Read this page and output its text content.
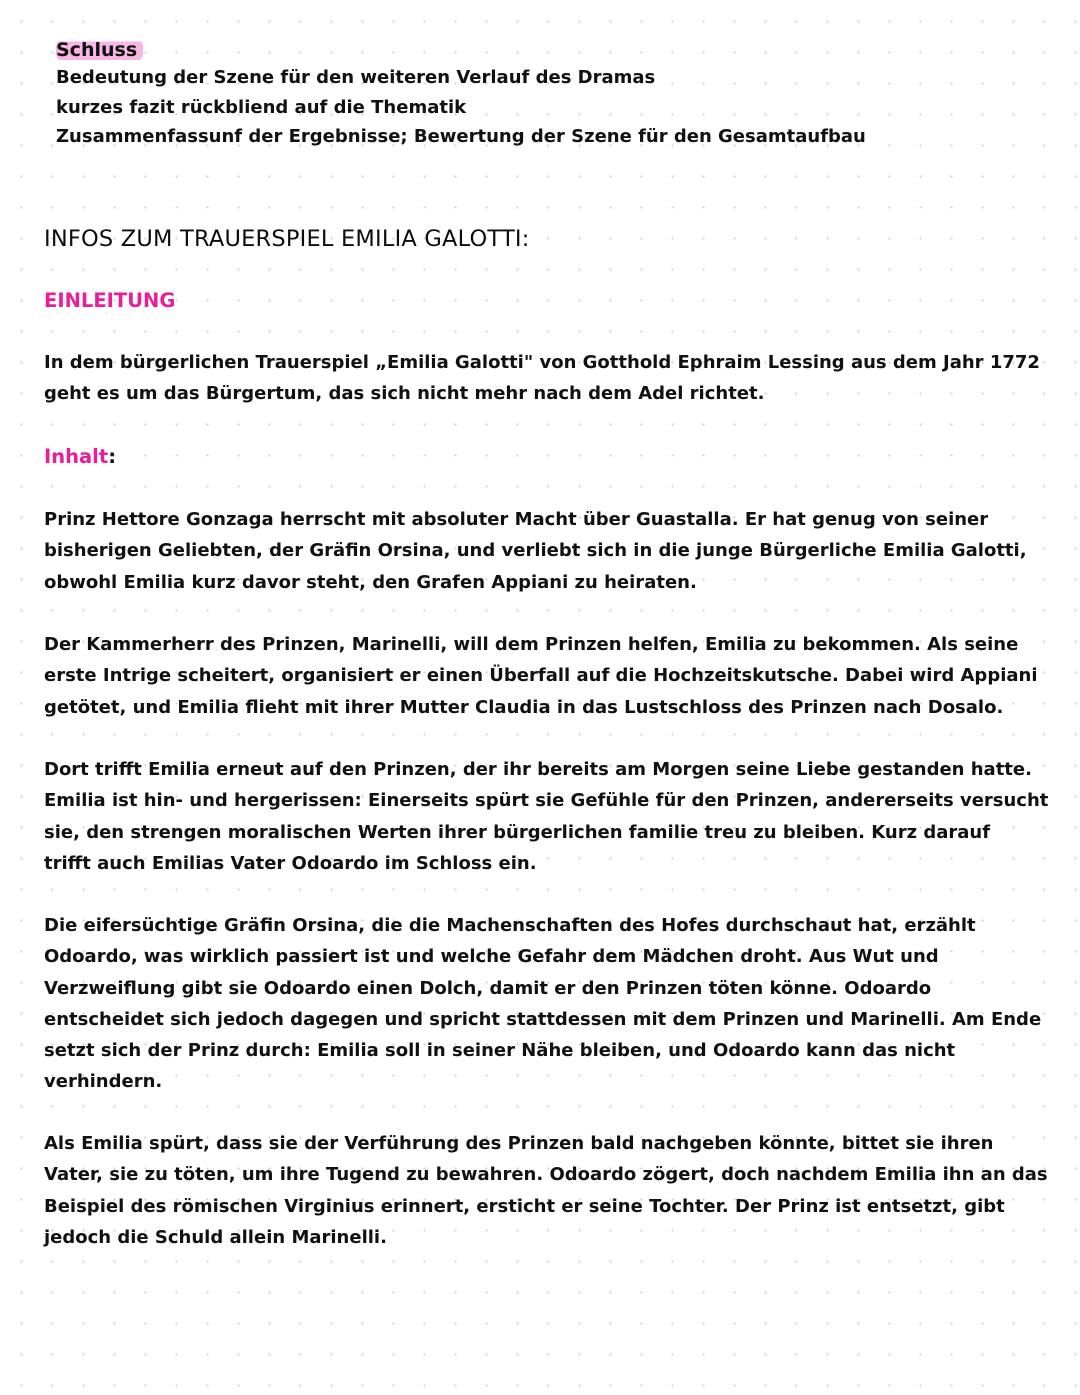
Schluss
Bedeutung der Szene für den weiteren Verlauf des Dramas
kurzes fazit rückbliend auf die Thematik
Zusammenfassunf der Ergebnisse; Bewertung der Szene für den Gesamtaufbau
INFOS ZUM TRAUERSPIEL EMILIA GALOTTI:
EINLEITUNG
In dem bürgerlichen Trauerspiel „Emilia Galotti" von Gotthold Ephraim Lessing aus dem Jahr 1772
geht es um das Bürgertum, das sich nicht mehr nach dem Adel richtet.
Inhalt:
Prinz Hettore Gonzaga herrscht mit absoluter Macht über Guastalla. Er hat genug von seiner
bisherigen Geliebten, der Gräfin Orsina, und verliebt sich in die junge Bürgerliche Emilia Galotti,
obwohl Emilia kurz davor steht, den Grafen Appiani zu heiraten.
Der Kammerherr des Prinzen, Marinelli, will dem Prinzen helfen, Emilia zu bekommen. Als seine
erste Intrige scheitert, organisiert er einen Überfall auf die Hochzeitskutsche. Dabei wird Appiani
getötet, und Emilia flieht mit ihrer Mutter Claudia in das Lustschloss des Prinzen nach Dosalo.
Dort trifft Emilia erneut auf den Prinzen, der ihr bereits am Morgen seine Liebe gestanden hatte.
Emilia ist hin- und hergerissen: Einerseits spürt sie Gefühle für den Prinzen, andererseits versucht
sie, den strengen moralischen Werten ihrer bürgerlichen familie treu zu bleiben. Kurz darauf
trifft auch Emilias Vater Odoardo im Schloss ein.
Die eifersüchtige Gräfin Orsina, die die Machenschaften des Hofes durchschaut hat, erzählt
Odoardo, was wirklich passiert ist und welche Gefahr dem Mädchen droht. Aus Wut und
Verzweiflung gibt sie Odoardo einen Dolch, damit er den Prinzen töten könne. Odoardo
entscheidet sich jedoch dagegen und spricht stattdessen mit dem Prinzen und Marinelli. Am Ende
setzt sich der Prinz durch: Emilia soll in seiner Nähe bleiben, und Odoardo kann das nicht
verhindern.
Als Emilia spürt, dass sie der Verführung des Prinzen bald nachgeben könnte, bittet sie ihren
Vater, sie zu töten, um ihre Tugend zu bewahren. Odoardo zögert, doch nachdem Emilia ihn an das
Beispiel des römischen Virginius erinnert, ersticht er seine Tochter. Der Prinz ist entsetzt, gibt
jedoch die Schuld allein Marinelli.
